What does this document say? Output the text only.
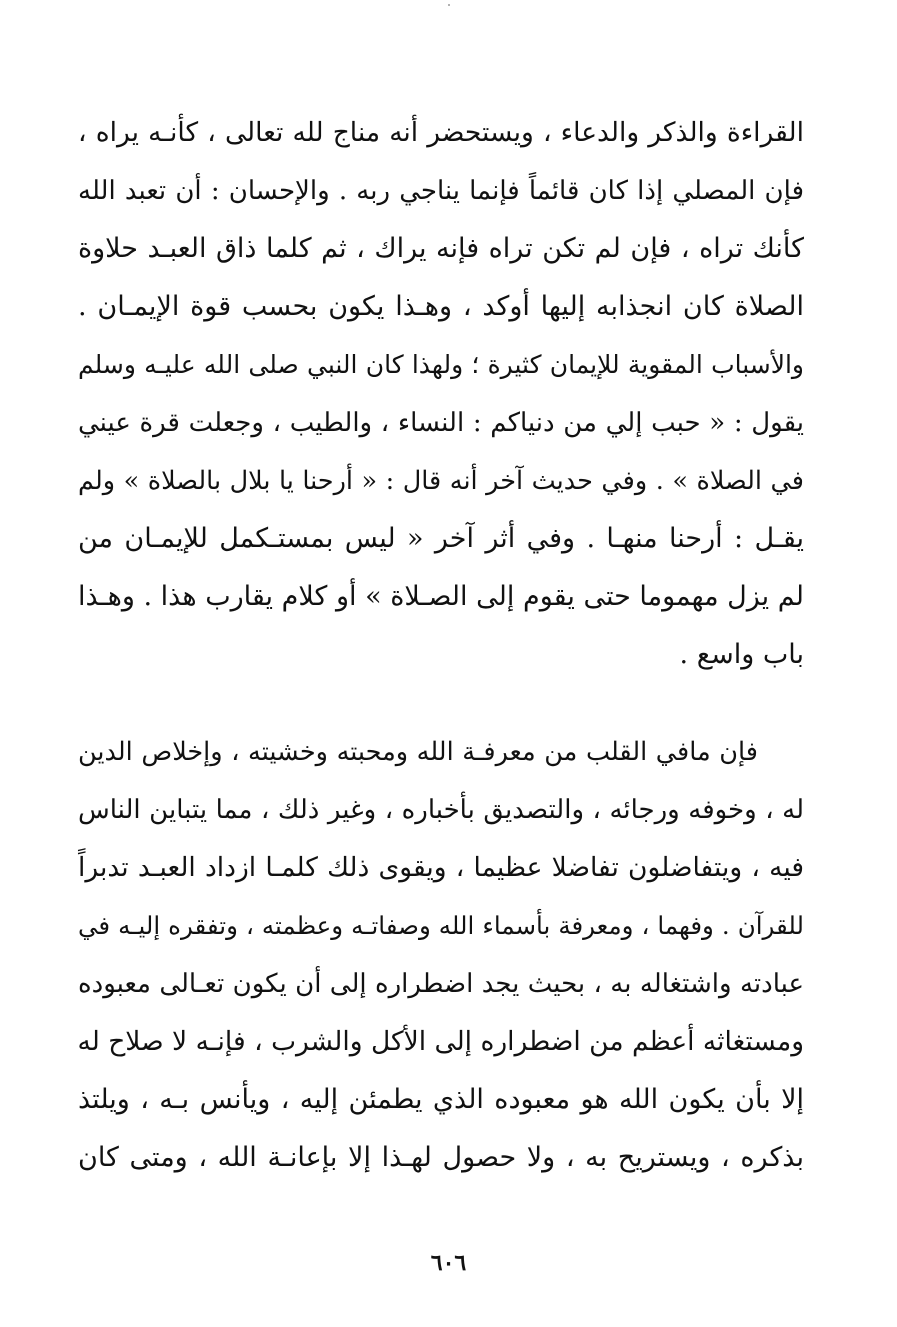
القراءة والذكر والدعاء ، ويستحضر أنه مناج لله تعالى ، كأنـه يراه ،
فإن المصلي إذا كان قائماً فإنما يناجي ربه . والإحسان : أن تعبد الله
كأنك تراه ، فإن لم تكن تراه فإنه يراك ، ثم كلما ذاق العبـد حلاوة
الصلاة كان انجذابه إليها أوكد ، وهـذا يكون بحسب قوة الإيمـان .
والأسباب المقوية للإيمان كثيرة ؛ ولهذا كان النبي صلى الله عليـه وسلم
يقول : « حبب إلي من دنياكم : النساء ، والطيب ، وجعلت قرة عيني
في الصلاة » . وفي حديث آخر أنه قال : « أرحنا يا بلال بالصلاة » ولم
يقـل : أرحنا منهـا . وفي أثر آخر « ليس بمستـكمل للإيمـان من
لم يزل مهموما حتى يقوم إلى الصـلاة » أو كلام يقارب هذا . وهـذا
باب واسع .
فإن مافي القلب من معرفـة الله ومحبته وخشيته ، وإخلاص الدين
له ، وخوفه ورجائه ، والتصديق بأخباره ، وغير ذلك ، مما يتباين الناس
فيه ، ويتفاضلون تفاضلا عظيما ، ويقوى ذلك كلمـا ازداد العبـد تدبراً
للقرآن . وفهما ، ومعرفة بأسماء الله وصفاتـه وعظمته ، وتفقره إليـه في
عبادته واشتغاله به ، بحيث يجد اضطراره إلى أن يكون تعـالى معبوده
ومستغاثه أعظم من اضطراره إلى الأكل والشرب ، فإنـه لا صلاح له
إلا بأن يكون الله هو معبوده الذي يطمئن إليه ، ويأنس بـه ، ويلتذ
بذكره ، ويستريح به ، ولا حصول لهـذا إلا بإعانـة الله ، ومتى كان
٦٠٦
